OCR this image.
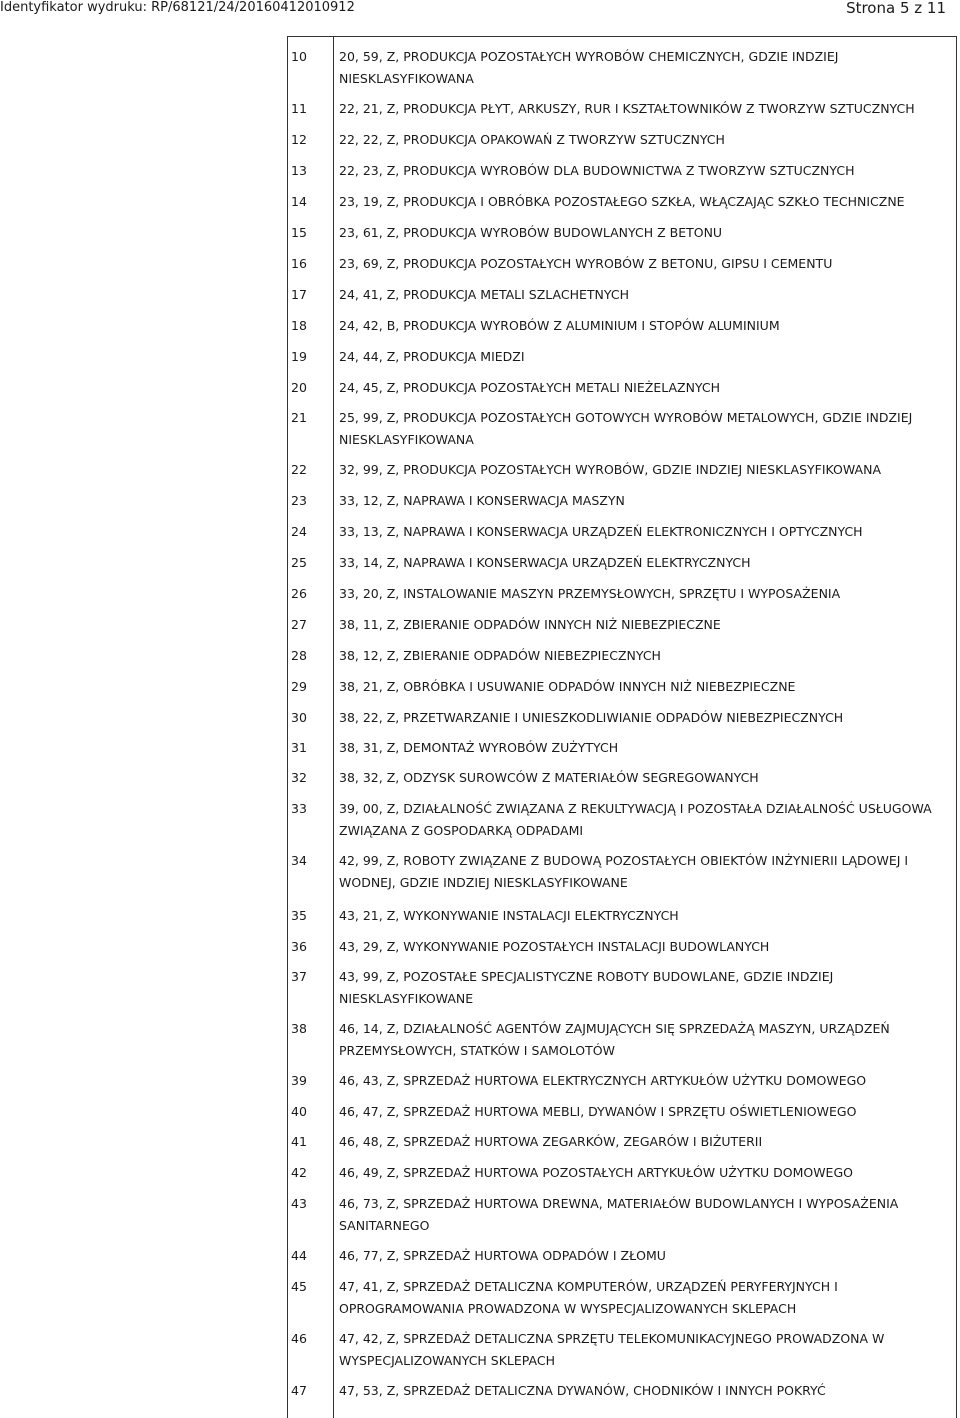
Identyfikator wydruku: RP/68121/24/20160412010912	Strona 5 z 11
10	20, 59, Z, PRODUKCJA POZOSTAŁYCH WYROBÓW CHEMICZNYCH, GDZIE INDZIEJ NIESKLASYFIKOWANA
11	22, 21, Z, PRODUKCJA PŁYT, ARKUSZY, RUR I KSZTAŁTOWNIKÓW Z TWORZYW SZTUCZNYCH
12	22, 22, Z, PRODUKCJA OPAKOWAŃ Z TWORZYW SZTUCZNYCH
13	22, 23, Z, PRODUKCJA WYROBÓW DLA BUDOWNICTWA Z TWORZYW SZTUCZNYCH
14	23, 19, Z, PRODUKCJA I OBRÓBKA POZOSTAŁEGO SZKŁA, WŁĄCZAJĄC SZKŁO TECHNICZNE
15	23, 61, Z, PRODUKCJA WYROBÓW BUDOWLANYCH Z BETONU
16	23, 69, Z, PRODUKCJA POZOSTAŁYCH WYROBÓW Z BETONU, GIPSU I CEMENTU
17	24, 41, Z, PRODUKCJA METALI SZLACHETNYCH
18	24, 42, B, PRODUKCJA WYROBÓW Z ALUMINIUM I STOPÓW ALUMINIUM
19	24, 44, Z, PRODUKCJA MIEDZI
20	24, 45, Z, PRODUKCJA POZOSTAŁYCH METALI NIEŻELAZNYCH
21	25, 99, Z, PRODUKCJA POZOSTAŁYCH GOTOWYCH WYROBÓW METALOWYCH, GDZIE INDZIEJ NIESKLASYFIKOWANA
22	32, 99, Z, PRODUKCJA POZOSTAŁYCH WYROBÓW, GDZIE INDZIEJ NIESKLASYFIKOWANA
23	33, 12, Z, NAPRAWA I KONSERWACJA MASZYN
24	33, 13, Z, NAPRAWA I KONSERWACJA URZĄDZEŃ ELEKTRONICZNYCH I OPTYCZNYCH
25	33, 14, Z, NAPRAWA I KONSERWACJA URZĄDZEŃ ELEKTRYCZNYCH
26	33, 20, Z, INSTALOWANIE MASZYN PRZEMYSŁOWYCH, SPRZĘTU I WYPOSAŻENIA
27	38, 11, Z, ZBIERANIE ODPADÓW INNYCH NIŻ NIEBEZPIECZNE
28	38, 12, Z, ZBIERANIE ODPADÓW NIEBEZPIECZNYCH
29	38, 21, Z, OBRÓBKA I USUWANIE ODPADÓW INNYCH NIŻ NIEBEZPIECZNE
30	38, 22, Z, PRZETWARZANIE I UNIESZKODLIWIANIE ODPADÓW NIEBEZPIECZNYCH
31	38, 31, Z, DEMONTAŻ WYROBÓW ZUŻYTYCH
32	38, 32, Z, ODZYSK SUROWCÓW Z MATERIAŁÓW SEGREGOWANYCH
33	39, 00, Z, DZIAŁALNOŚĆ ZWIĄZANA Z REKULTYWACJĄ I POZOSTAŁA DZIAŁALNOŚĆ USŁUGOWA ZWIĄZANA Z GOSPODARKĄ ODPADAMI
34	42, 99, Z, ROBOTY ZWIĄZANE Z BUDOWĄ POZOSTAŁYCH OBIEKTÓW INŻYNIERII LĄDOWEJ I WODNEJ, GDZIE INDZIEJ NIESKLASYFIKOWANE
35	43, 21, Z, WYKONYWANIE INSTALACJI ELEKTRYCZNYCH
36	43, 29, Z, WYKONYWANIE POZOSTAŁYCH INSTALACJI BUDOWLANYCH
37	43, 99, Z, POZOSTAŁE SPECJALISTYCZNE ROBOTY BUDOWLANE, GDZIE INDZIEJ NIESKLASYFIKOWANE
38	46, 14, Z, DZIAŁALNOŚĆ AGENTÓW ZAJMUJĄCYCH SIĘ SPRZEDAŻĄ MASZYN, URZĄDZEŃ PRZEMYSŁOWYCH, STATKÓW I SAMOLOTÓW
39	46, 43, Z, SPRZEDAŻ HURTOWA ELEKTRYCZNYCH ARTYKUŁÓW UŻYTKU DOMOWEGO
40	46, 47, Z, SPRZEDAŻ HURTOWA MEBLI, DYWANÓW I SPRZĘTU OŚWIETLENIOWEGO
41	46, 48, Z, SPRZEDAŻ HURTOWA ZEGARKÓW, ZEGARÓW I BIŻUTERII
42	46, 49, Z, SPRZEDAŻ HURTOWA POZOSTAŁYCH ARTYKUŁÓW UŻYTKU DOMOWEGO
43	46, 73, Z, SPRZEDAŻ HURTOWA DREWNA, MATERIAŁÓW BUDOWLANYCH I WYPOSAŻENIA SANITARNEGO
44	46, 77, Z, SPRZEDAŻ HURTOWA ODPADÓW I ZŁOMU
45	47, 41, Z, SPRZEDAŻ DETALICZNA KOMPUTERÓW, URZĄDZEŃ PERYFERYJNYCH I OPROGRAMOWANIA PROWADZONA W WYSPECJALIZOWANYCH SKLEPACH
46	47, 42, Z, SPRZEDAŻ DETALICZNA SPRZĘTU TELEKOMUNIKACYJNEGO PROWADZONA W WYSPECJALIZOWANYCH SKLEPACH
47	47, 53, Z, SPRZEDAŻ DETALICZNA DYWANÓW, CHODNIKÓW I INNYCH POKRYĆ
